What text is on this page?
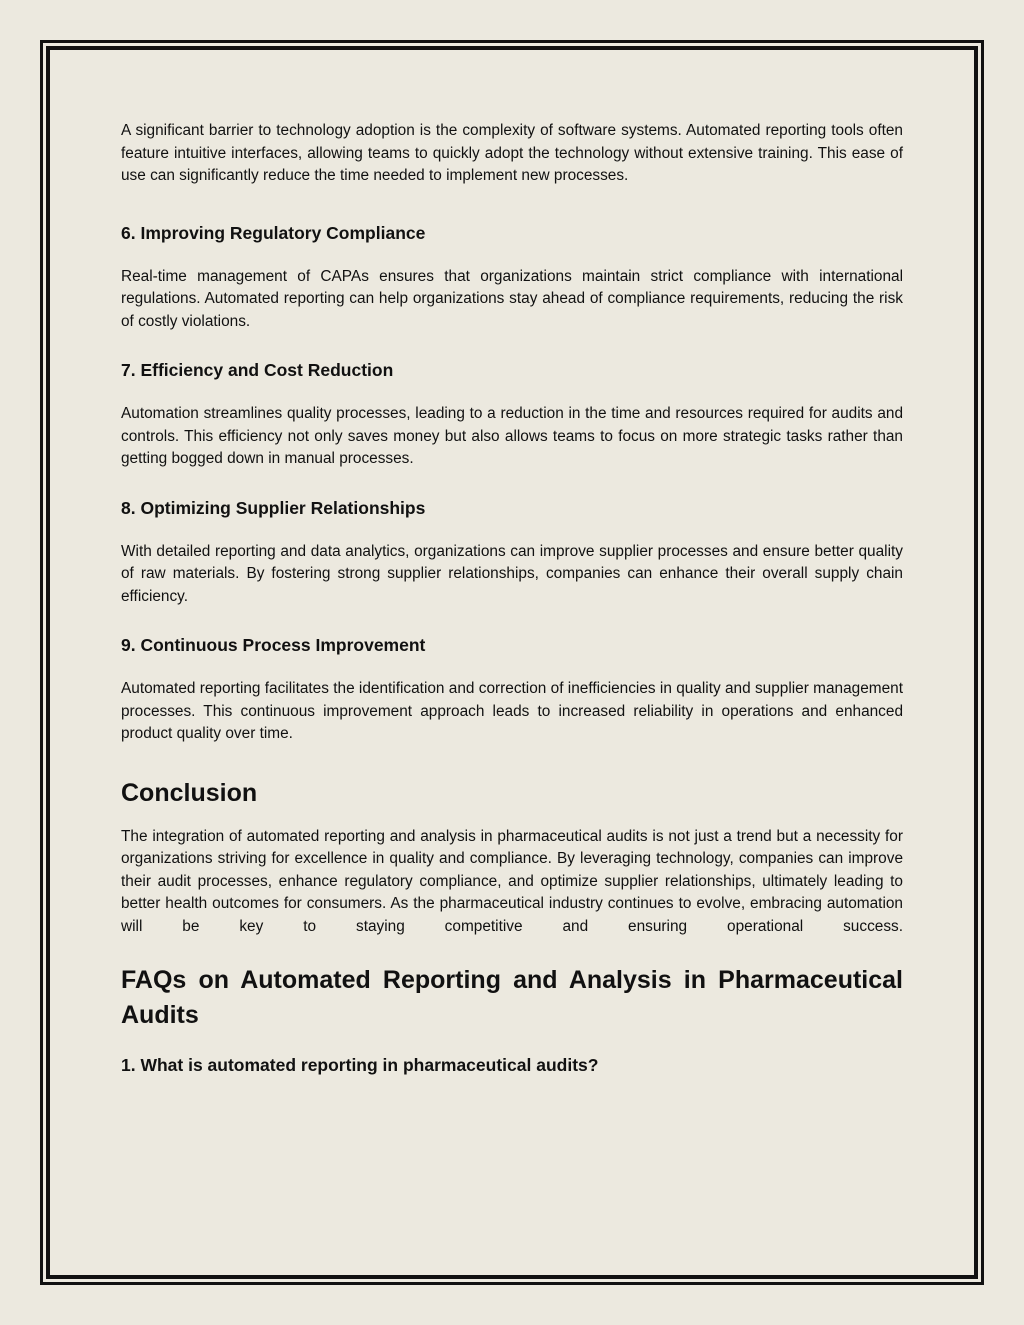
A significant barrier to technology adoption is the complexity of software systems. Automated reporting tools often feature intuitive interfaces, allowing teams to quickly adopt the technology without extensive training. This ease of use can significantly reduce the time needed to implement new processes.

6. Improving Regulatory Compliance

Real-time management of CAPAs ensures that organizations maintain strict compliance with international regulations. Automated reporting can help organizations stay ahead of compliance requirements, reducing the risk of costly violations.

7. Efficiency and Cost Reduction

Automation streamlines quality processes, leading to a reduction in the time and resources required for audits and controls. This efficiency not only saves money but also allows teams to focus on more strategic tasks rather than getting bogged down in manual processes.

8. Optimizing Supplier Relationships

With detailed reporting and data analytics, organizations can improve supplier processes and ensure better quality of raw materials. By fostering strong supplier relationships, companies can enhance their overall supply chain efficiency.

9. Continuous Process Improvement

Automated reporting facilitates the identification and correction of inefficiencies in quality and supplier management processes. This continuous improvement approach leads to increased reliability in operations and enhanced product quality over time.

Conclusion

The integration of automated reporting and analysis in pharmaceutical audits is not just a trend but a necessity for organizations striving for excellence in quality and compliance. By leveraging technology, companies can improve their audit processes, enhance regulatory compliance, and optimize supplier relationships, ultimately leading to better health outcomes for consumers. As the pharmaceutical industry continues to evolve, embracing automation will be key to staying competitive and ensuring operational success.

FAQs on Automated Reporting and Analysis in Pharmaceutical Audits
1. What is automated reporting in pharmaceutical audits?
